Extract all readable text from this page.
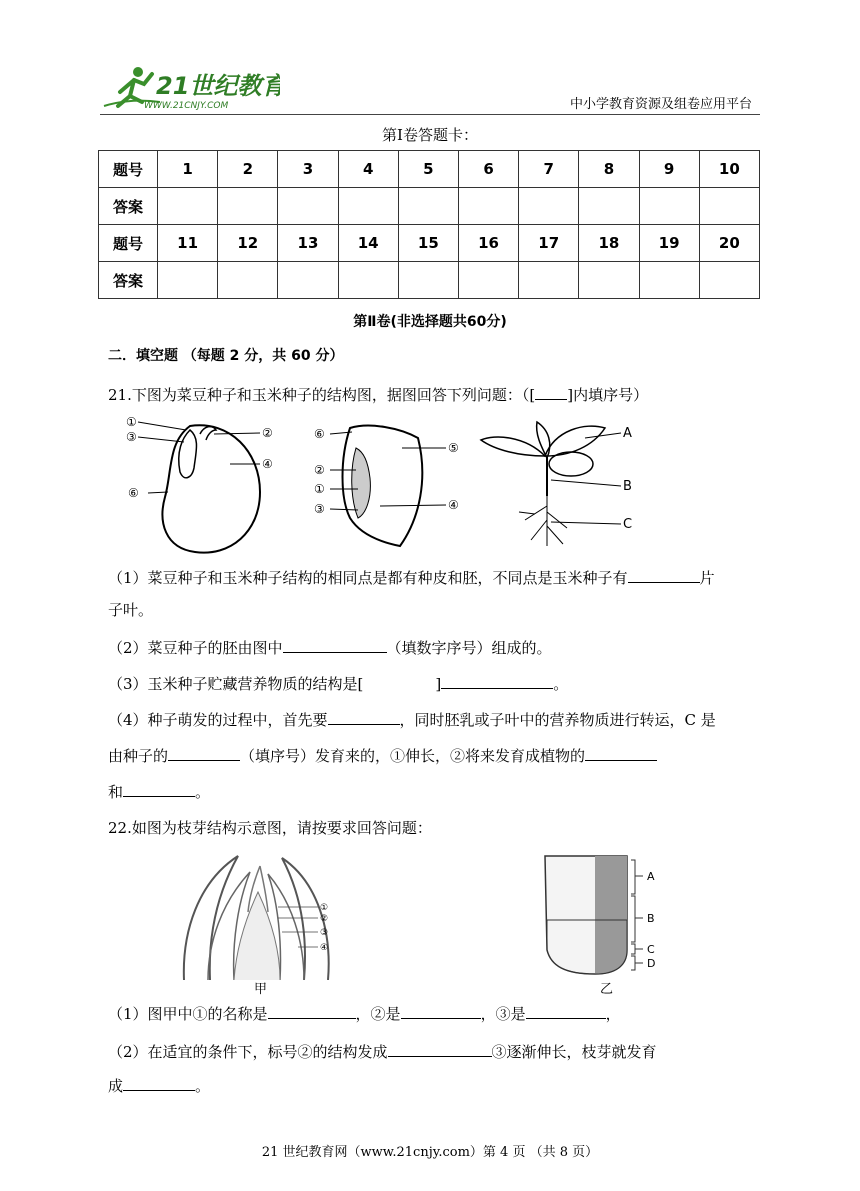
21世纪教育
WWW.21CNJY.COM	中小学教育资源及组卷应用平台
第Ⅰ卷答题卡：
题号	1	2	3	4	5	6	7	8	9	10
答案										
题号	11	12	13	14	15	16	17	18	19	20
答案										
第Ⅱ卷(非选择题共60分)
二．填空题 （每题 2 分，共 60 分）
21.下图为菜豆种子和玉米种子的结构图，据图回答下列问题：（[ ]内填序号）
①
③	②
④
⑥
⑥
⑤
②
①
③	④
A
B
C
（1）菜豆种子和玉米种子结构的相同点是都有种皮和胚，不同点是玉米种子有	片
子叶。
（2）菜豆种子的胚由图中	（填数字序号）组成的。
（3）玉米种子贮藏营养物质的结构是[	]	。
（4）种子萌发的过程中，首先要	，同时胚乳或子叶中的营养物质进行转运，C 是
由种子的	（填序号）发育来的，①伸长，②将来发育成植物的
和	。
22.如图为枝芽结构示意图，请按要求回答问题：
①
②
③
④
甲
A
B
C
D
乙
（1）图甲中①的名称是	，②是	，③是	，
（2）在适宜的条件下，标号②的结构发成	③逐渐伸长，枝芽就发育
成	。
21 世纪教育网（www.21cnjy.com）第 4 页 （共 8 页）
